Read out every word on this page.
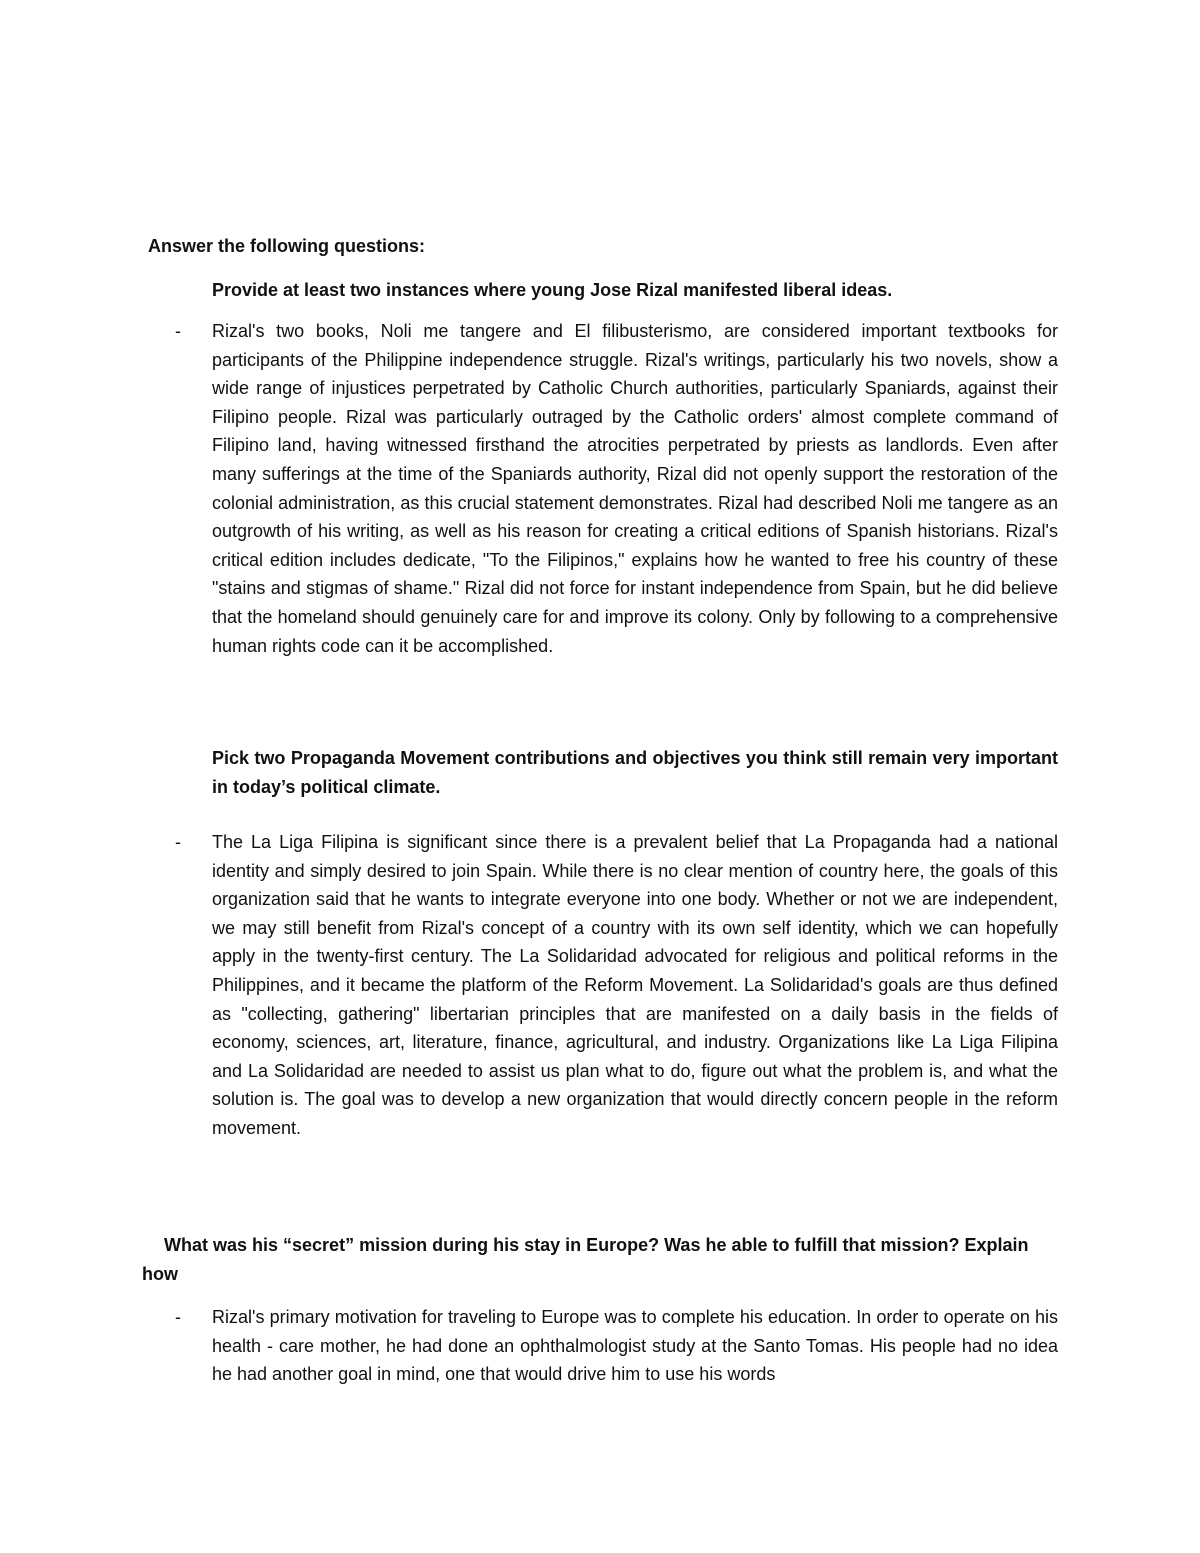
Answer the following questions:

Provide at least two instances where young Jose Rizal manifested liberal ideas.

-	Rizal's two books, Noli me tangere and El filibusterismo, are considered important textbooks for participants of the Philippine independence struggle. Rizal's writings, particularly his two novels, show a wide range of injustices perpetrated by Catholic Church authorities, particularly Spaniards, against their Filipino people. Rizal was particularly outraged by the Catholic orders' almost complete command of Filipino land, having witnessed firsthand the atrocities perpetrated by priests as landlords. Even after many sufferings at the time of the Spaniards authority, Rizal did not openly support the restoration of the colonial administration, as this crucial statement demonstrates. Rizal had described Noli me tangere as an outgrowth of his writing, as well as his reason for creating a critical editions of Spanish historians. Rizal's critical edition includes dedicate, "To the Filipinos," explains how he wanted to free his country of these "stains and stigmas of shame." Rizal did not force for instant independence from Spain, but he did believe that the homeland should genuinely care for and improve its colony. Only by following to a comprehensive human rights code can it be accomplished.

Pick two Propaganda Movement contributions and objectives you think still remain very important in today’s political climate.

-	The La Liga Filipina is significant since there is a prevalent belief that La Propaganda had a national identity and simply desired to join Spain. While there is no clear mention of country here, the goals of this organization said that he wants to integrate everyone into one body. Whether or not we are independent, we may still benefit from Rizal's concept of a country with its own self identity, which we can hopefully apply in the twenty-first century. The La Solidaridad advocated for religious and political reforms in the Philippines, and it became the platform of the Reform Movement. La Solidaridad's goals are thus defined as "collecting, gathering" libertarian principles that are manifested on a daily basis in the fields of economy, sciences, art, literature, finance, agricultural, and industry. Organizations like La Liga Filipina and La Solidaridad are needed to assist us plan what to do, figure out what the problem is, and what the solution is. The goal was to develop a new organization that would directly concern people in the reform movement.

What was his “secret” mission during his stay in Europe? Was he able to fulfill that mission? Explain how

-	Rizal's primary motivation for traveling to Europe was to complete his education. In order to operate on his health - care mother, he had done an ophthalmologist study at the Santo Tomas. His people had no idea he had another goal in mind, one that would drive him to use his words
